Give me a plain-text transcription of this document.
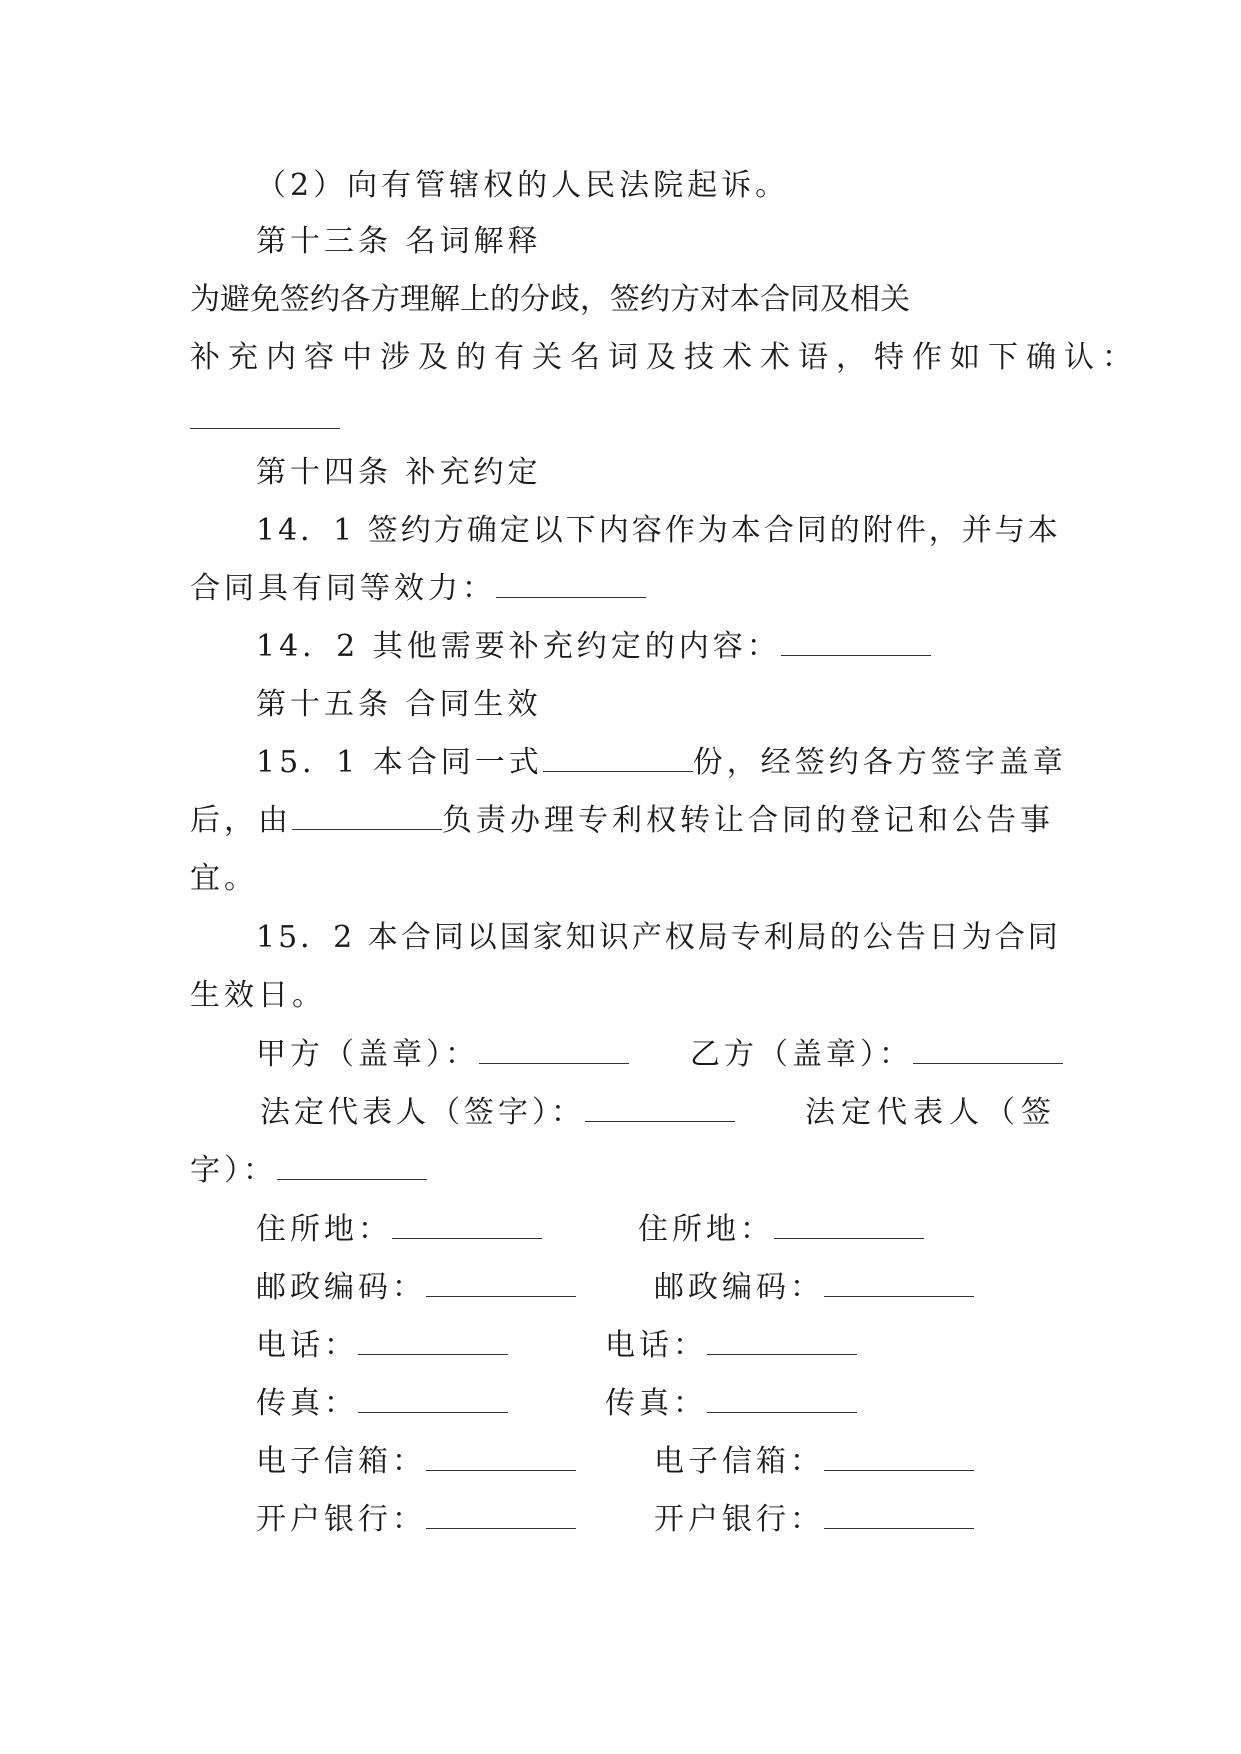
（2）向有管辖权的人民法院起诉。
第十三条 名词解释
为避免签约各方理解上的分歧，签约方对本合同及相关
补充内容中涉及的有关名词及技术术语，特作如下确认：
第十四条 补充约定
14．1 签约方确定以下内容作为本合同的附件，并与本
合同具有同等效力：
14．2 其他需要补充约定的内容：
第十五条 合同生效
15．1 本合同一式	份，经签约各方签字盖章
后，由	负责办理专利权转让合同的登记和公告事
宜。
15．2 本合同以国家知识产权局专利局的公告日为合同
生效日。
甲方（盖章）：	乙方（盖章）：
法定代表人（签字）：	法定代表人（签
字）：
住所地：	住所地：
邮政编码：	邮政编码：
电话：	电话：
传真：	传真：
电子信箱：	电子信箱：
开户银行：	开户银行：
